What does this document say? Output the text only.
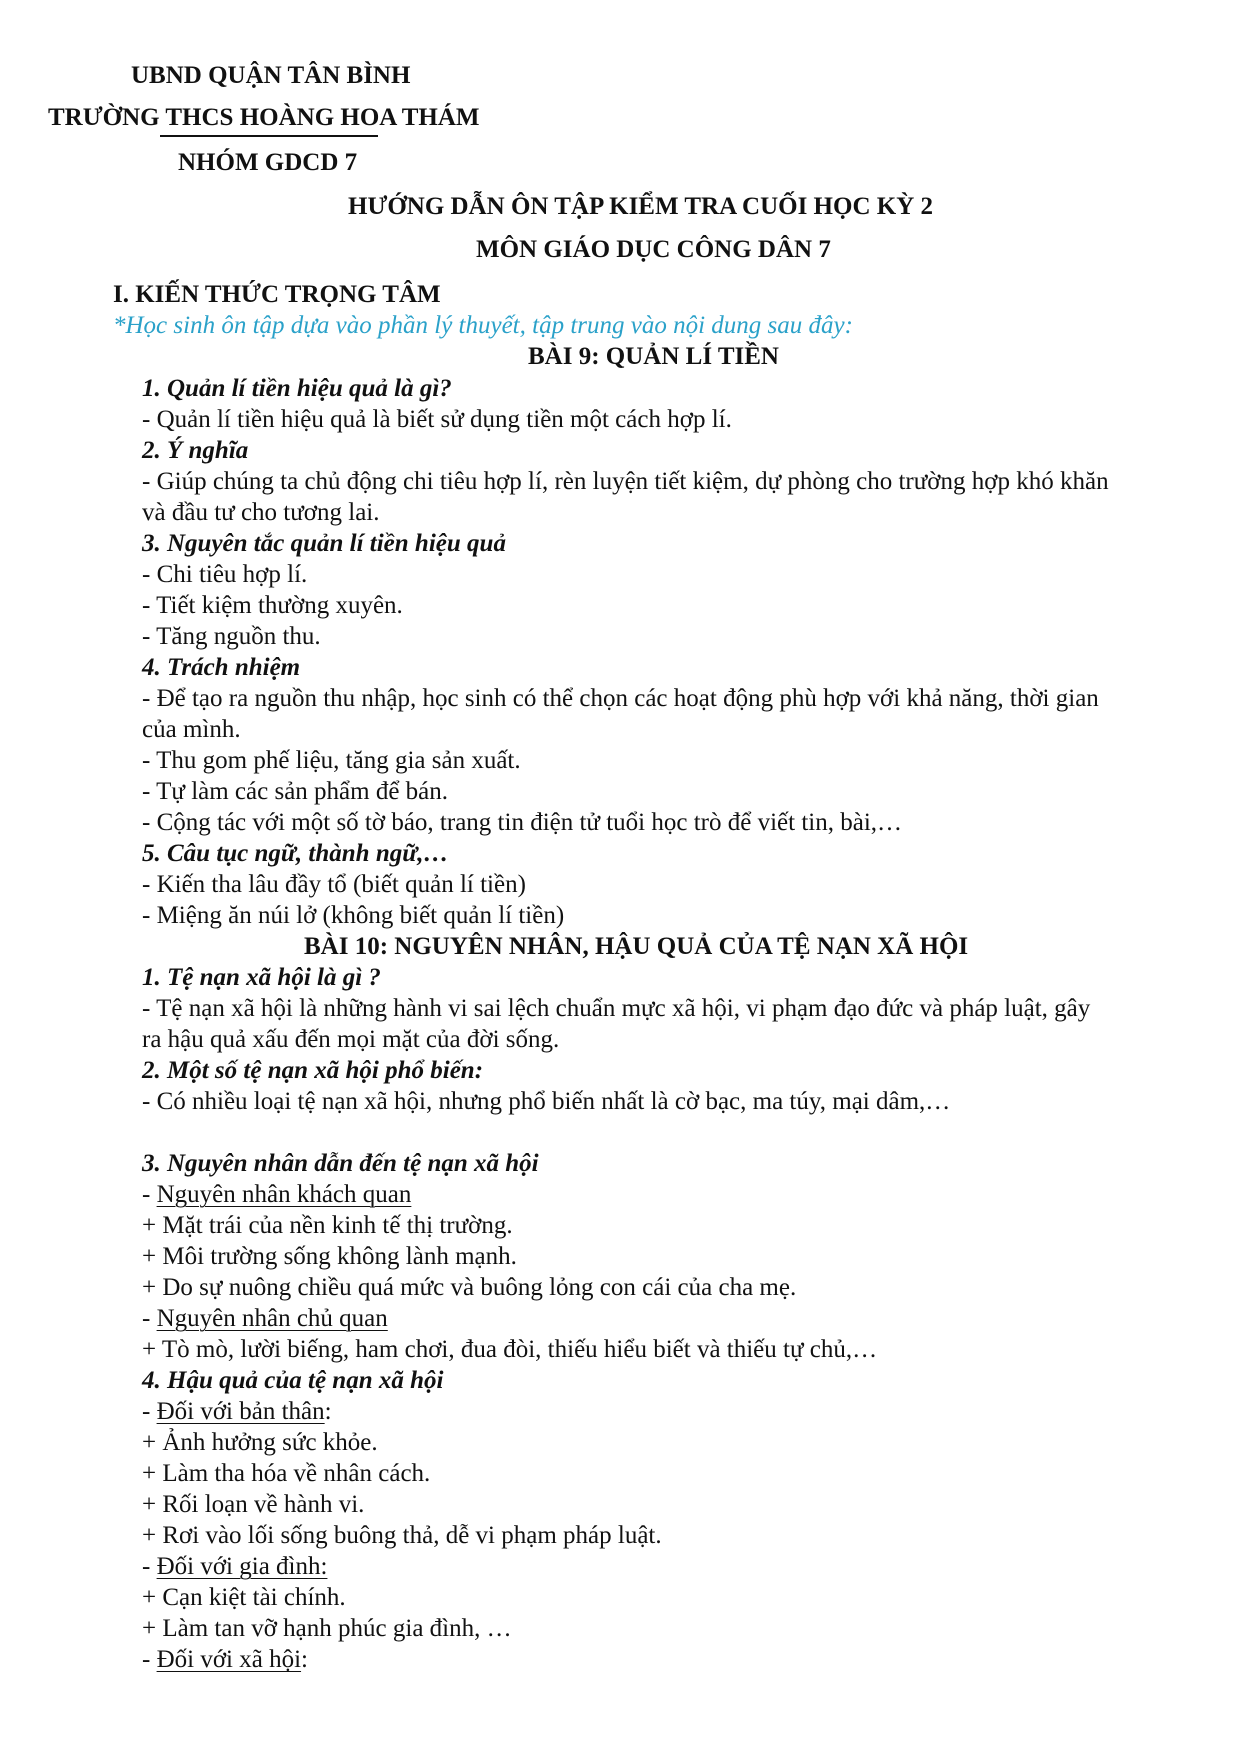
UBND QUẬN TÂN BÌNH
TRƯỜNG THCS HOÀNG HOA THÁM
NHÓM GDCD 7
HƯỚNG DẪN ÔN TẬP KIỂM TRA CUỐI HỌC KỲ 2
MÔN GIÁO DỤC CÔNG DÂN 7
I. KIẾN THỨC TRỌNG TÂM
*Học sinh ôn tập dựa vào phần lý thuyết, tập trung vào nội dung sau đây:
BÀI 9: QUẢN LÍ TIỀN
1. Quản lí tiền hiệu quả là gì?
- Quản lí tiền hiệu quả là biết sử dụng tiền một cách hợp lí.
2. Ý nghĩa
- Giúp chúng ta chủ động chi tiêu hợp lí, rèn luyện tiết kiệm, dự phòng cho trường hợp khó khăn
và đầu tư cho tương lai.
3. Nguyên tắc quản lí tiền hiệu quả
- Chi tiêu hợp lí.
- Tiết kiệm thường xuyên.
- Tăng nguồn thu.
4. Trách nhiệm
- Để tạo ra nguồn thu nhập, học sinh có thể chọn các hoạt động phù hợp với khả năng, thời gian
của mình.
- Thu gom phế liệu, tăng gia sản xuất.
- Tự làm các sản phẩm để bán.
- Cộng tác với một số tờ báo, trang tin điện tử tuổi học trò để viết tin, bài,…
5. Câu tục ngữ, thành ngữ,…
- Kiến tha lâu đầy tổ (biết quản lí tiền)
- Miệng ăn núi lở (không biết quản lí tiền)
BÀI 10: NGUYÊN NHÂN, HẬU QUẢ CỦA TỆ NẠN XÃ HỘI
1. Tệ nạn xã hội là gì ?
- Tệ nạn xã hội là những hành vi sai lệch chuẩn mực xã hội, vi phạm đạo đức và pháp luật, gây
ra hậu quả xấu đến mọi mặt của đời sống.
2. Một số tệ nạn xã hội phổ biến:
- Có nhiều loại tệ nạn xã hội, nhưng phổ biến nhất là cờ bạc, ma túy, mại dâm,…
3. Nguyên nhân dẫn đến tệ nạn xã hội
- Nguyên nhân khách quan
+ Mặt trái của nền kinh tế thị trường.
+ Môi trường sống không lành mạnh.
+ Do sự nuông chiều quá mức và buông lỏng con cái của cha mẹ.
- Nguyên nhân chủ quan
+ Tò mò, lười biếng, ham chơi, đua đòi, thiếu hiểu biết và thiếu tự chủ,…
4. Hậu quả của tệ nạn xã hội
- Đối với bản thân:
+ Ảnh hưởng sức khỏe.
+ Làm tha hóa về nhân cách.
+ Rối loạn về hành vi.
+ Rơi vào lối sống buông thả, dễ vi phạm pháp luật.
- Đối với gia đình:
+ Cạn kiệt tài chính.
+ Làm tan vỡ hạnh phúc gia đình, …
- Đối với xã hội:
